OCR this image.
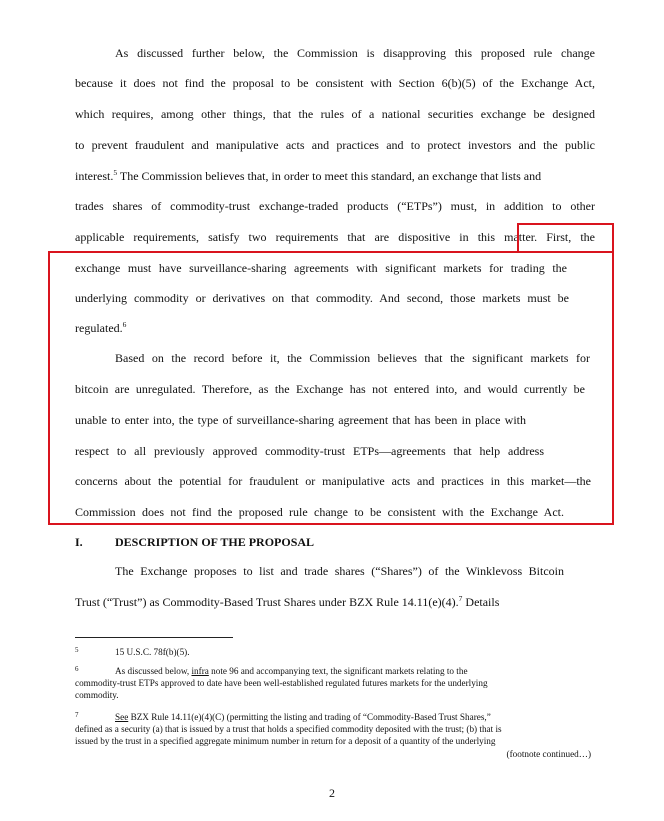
As discussed further below, the Commission is disapproving this proposed rule change
because it does not find the proposal to be consistent with Section 6(b)(5) of the Exchange Act,
which requires, among other things, that the rules of a national securities exchange be designed
to prevent fraudulent and manipulative acts and practices and to protect investors and the public
interest.$^5$ The Commission believes that, in order to meet this standard, an exchange that lists and
trades shares of commodity-trust exchange-traded products (“ETPs”) must, in addition to other
applicable requirements, satisfy two requirements that are dispositive in this matter. First, the
exchange must have surveillance-sharing agreements with significant markets for trading the
underlying commodity or derivatives on that commodity. And second, those markets must be
regulated.$^6$
Based on the record before it, the Commission believes that the significant markets for
bitcoin are unregulated. Therefore, as the Exchange has not entered into, and would currently be
unable to enter into, the type of surveillance-sharing agreement that has been in place with
respect to all previously approved commodity-trust ETPs—agreements that help address
concerns about the potential for fraudulent or manipulative acts and practices in this market—the
Commission does not find the proposed rule change to be consistent with the Exchange Act.
I.	DESCRIPTION OF THE PROPOSAL
The Exchange proposes to list and trade shares (“Shares”) of the Winklevoss Bitcoin
Trust (“Trust”) as Commodity-Based Trust Shares under BZX Rule 14.11(e)(4).$^7$ Details
5	15 U.S.C. 78f(b)(5).
6	As discussed below, infra note 96 and accompanying text, the significant markets relating to the
commodity-trust ETPs approved to date have been well-established regulated futures markets for the underlying
commodity.
7	See BZX Rule 14.11(e)(4)(C) (permitting the listing and trading of “Commodity-Based Trust Shares,”
defined as a security (a) that is issued by a trust that holds a specified commodity deposited with the trust; (b) that is
issued by the trust in a specified aggregate minimum number in return for a deposit of a quantity of the underlying
(footnote continued…)
2
